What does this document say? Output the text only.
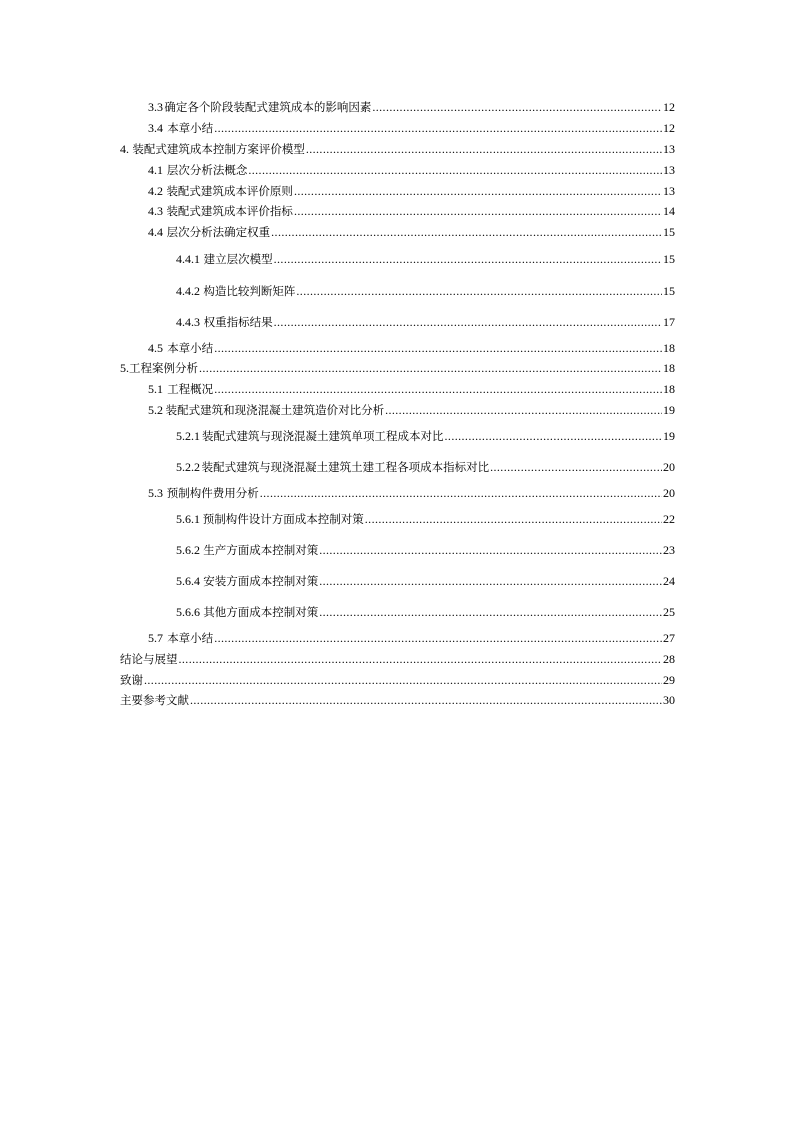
3.3 确定各个阶段装配式建筑成本的影响因素 .....	12
3.4 本章小结 .....	12
4. 装配式建筑成本控制方案评价模型 .....	13
4.1 层次分析法概念 .....	13
4.2 装配式建筑成本评价原则 .....	13
4.3 装配式建筑成本评价指标 .....	14
4.4 层次分析法确定权重 .....	15
4.4.1 建立层次模型 .....	15
4.4.2 构造比较判断矩阵 .....	15
4.4.3 权重指标结果 .....	17
4.5 本章小结 .....	18
5. 工程案例分析 .....	18
5.1 工程概况 .....	18
5.2 装配式建筑和现浇混凝土建筑造价对比分析 .....	19
5.2.1 装配式建筑与现浇混凝土建筑单项工程成本对比 .....	19
5.2.2 装配式建筑与现浇混凝土建筑土建工程各项成本指标对比 .....	20
5.3 预制构件费用分析 .....	20
5.6.1 预制构件设计方面成本控制对策 .....	22
5.6.2 生产方面成本控制对策 .....	23
5.6.4 安装方面成本控制对策 .....	24
5.6.6 其他方面成本控制对策 .....	25
5.7 本章小结 .....	27
结论与展望 .....	28
致谢 .....	29
主要参考文献 .....	30
